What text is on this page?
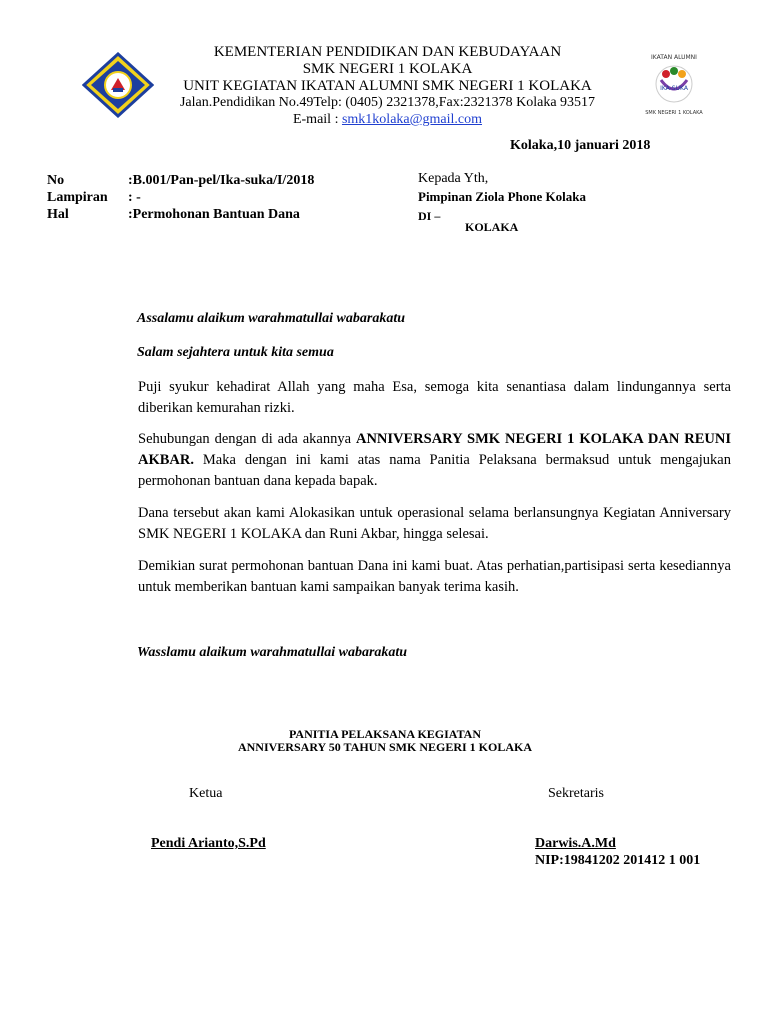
IKA-SUKA
IKATAN ALUMNI
SMK NEGERI 1 KOLAKA
KEMENTERIAN PENDIDIKAN DAN KEBUDAYAAN
SMK NEGERI 1 KOLAKA
UNIT KEGIATAN IKATAN ALUMNI SMK NEGERI 1 KOLAKA
Jalan.Pendidikan No.49Telp: (0405) 2321378,Fax:2321378 Kolaka 93517
E-mail : smk1kolaka@gmail.com
Kolaka,10 januari 2018
No	:B.001/Pan-pel/Ika-suka/I/2018
Lampiran : -
Hal	:Permohonan Bantuan Dana
Kepada Yth,
Pimpinan Ziola Phone Kolaka
DI –
KOLAKA
Assalamu alaikum warahmatullai wabarakatu
Salam sejahtera untuk kita semua
Puji syukur kehadirat Allah yang maha Esa, semoga kita senantiasa dalam lindungannya serta diberikan kemurahan rizki.
Sehubungan dengan di ada akannya ANNIVERSARY SMK NEGERI 1 KOLAKA DAN REUNI AKBAR. Maka dengan ini kami atas nama Panitia Pelaksana bermaksud untuk mengajukan permohonan bantuan dana kepada bapak.
Dana tersebut akan kami Alokasikan untuk operasional selama berlansungnya Kegiatan Anniversary SMK NEGERI 1 KOLAKA dan Runi Akbar, hingga selesai.
Demikian surat permohonan bantuan Dana ini kami buat. Atas perhatian,partisipasi serta kesediannya untuk memberikan bantuan kami sampaikan banyak terima kasih.
Wasslamu alaikum warahmatullai wabarakatu
PANITIA PELAKSANA KEGIATAN
ANNIVERSARY 50 TAHUN SMK NEGERI 1 KOLAKA
Ketua
Pendi Arianto,S.Pd
Sekretaris
Darwis.A.Md
NIP:19841202 201412 1 001
